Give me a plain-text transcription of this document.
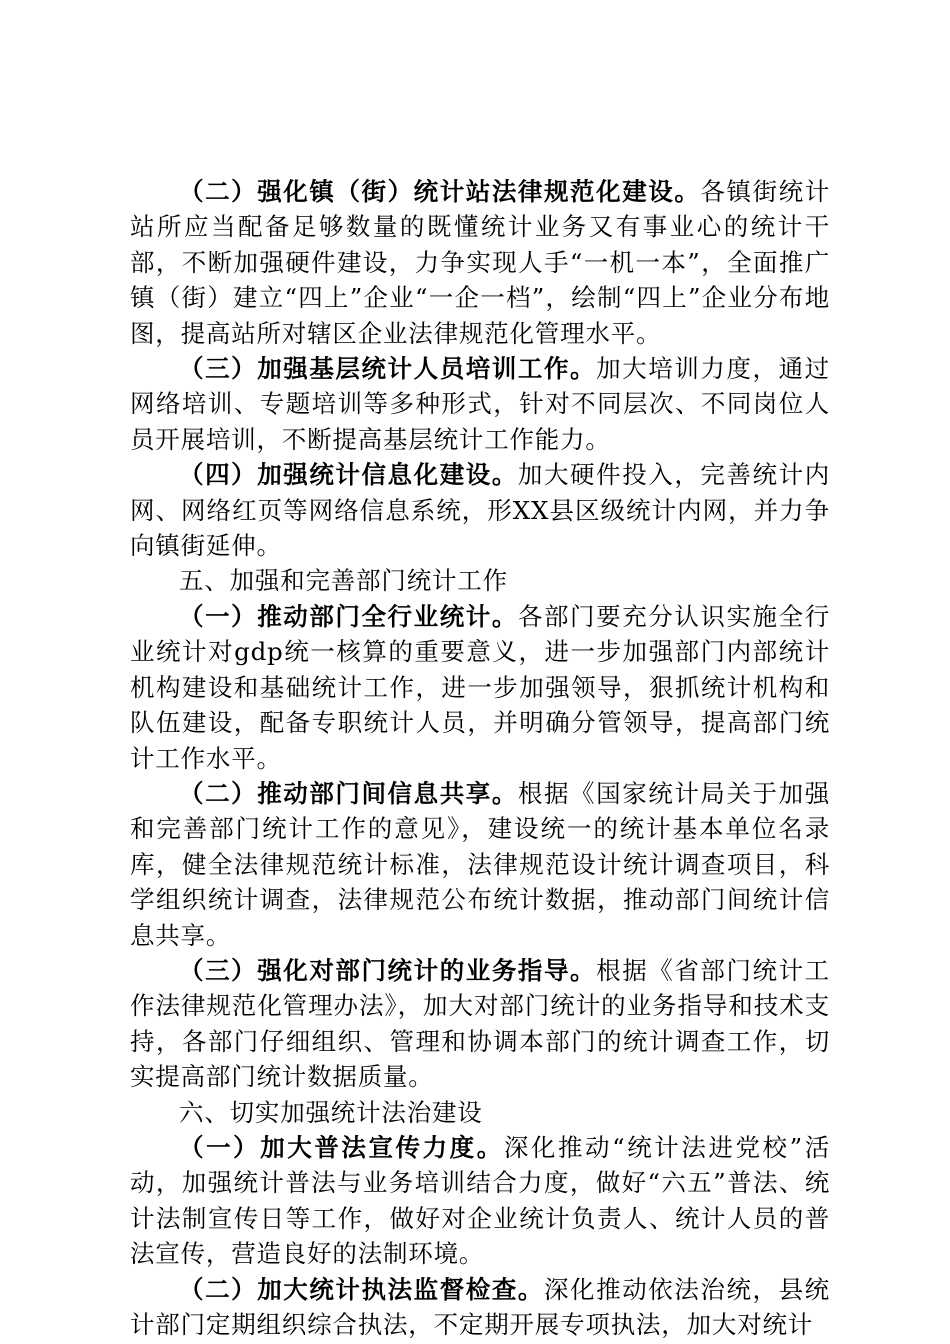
（二）强化镇（街）统计站法律规范化建设。各镇街统计站所应当配备足够数量的既懂统计业务又有事业心的统计干部，不断加强硬件建设，力争实现人手“一机一本”，全面推广镇（街）建立“四上”企业“一企一档”，绘制“四上”企业分布地图，提高站所对辖区企业法律规范化管理水平。

（三）加强基层统计人员培训工作。加大培训力度，通过网络培训、专题培训等多种形式，针对不同层次、不同岗位人员开展培训，不断提高基层统计工作能力。

（四）加强统计信息化建设。加大硬件投入，完善统计内网、网络红页等网络信息系统，形XX县区级统计内网，并力争向镇街延伸。

五、加强和完善部门统计工作

（一）推动部门全行业统计。各部门要充分认识实施全行业统计对gdp统一核算的重要意义，进一步加强部门内部统计机构建设和基础统计工作，进一步加强领导，狠抓统计机构和队伍建设，配备专职统计人员，并明确分管领导，提高部门统计工作水平。

（二）推动部门间信息共享。根据《国家统计局关于加强和完善部门统计工作的意见》，建设统一的统计基本单位名录库，健全法律规范统计标准，法律规范设计统计调查项目，科学组织统计调查，法律规范公布统计数据，推动部门间统计信息共享。

（三）强化对部门统计的业务指导。根据《省部门统计工作法律规范化管理办法》，加大对部门统计的业务指导和技术支持，各部门仔细组织、管理和协调本部门的统计调查工作，切实提高部门统计数据质量。

六、切实加强统计法治建设

（一）加大普法宣传力度。深化推动“统计法进党校”活动，加强统计普法与业务培训结合力度，做好“六五”普法、统计法制宣传日等工作，做好对企业统计负责人、统计人员的普法宣传，营造良好的法制环境。

（二）加大统计执法监督检查。深化推动依法治统，县统计部门定期组织综合执法，不定期开展专项执法，加大对统计
